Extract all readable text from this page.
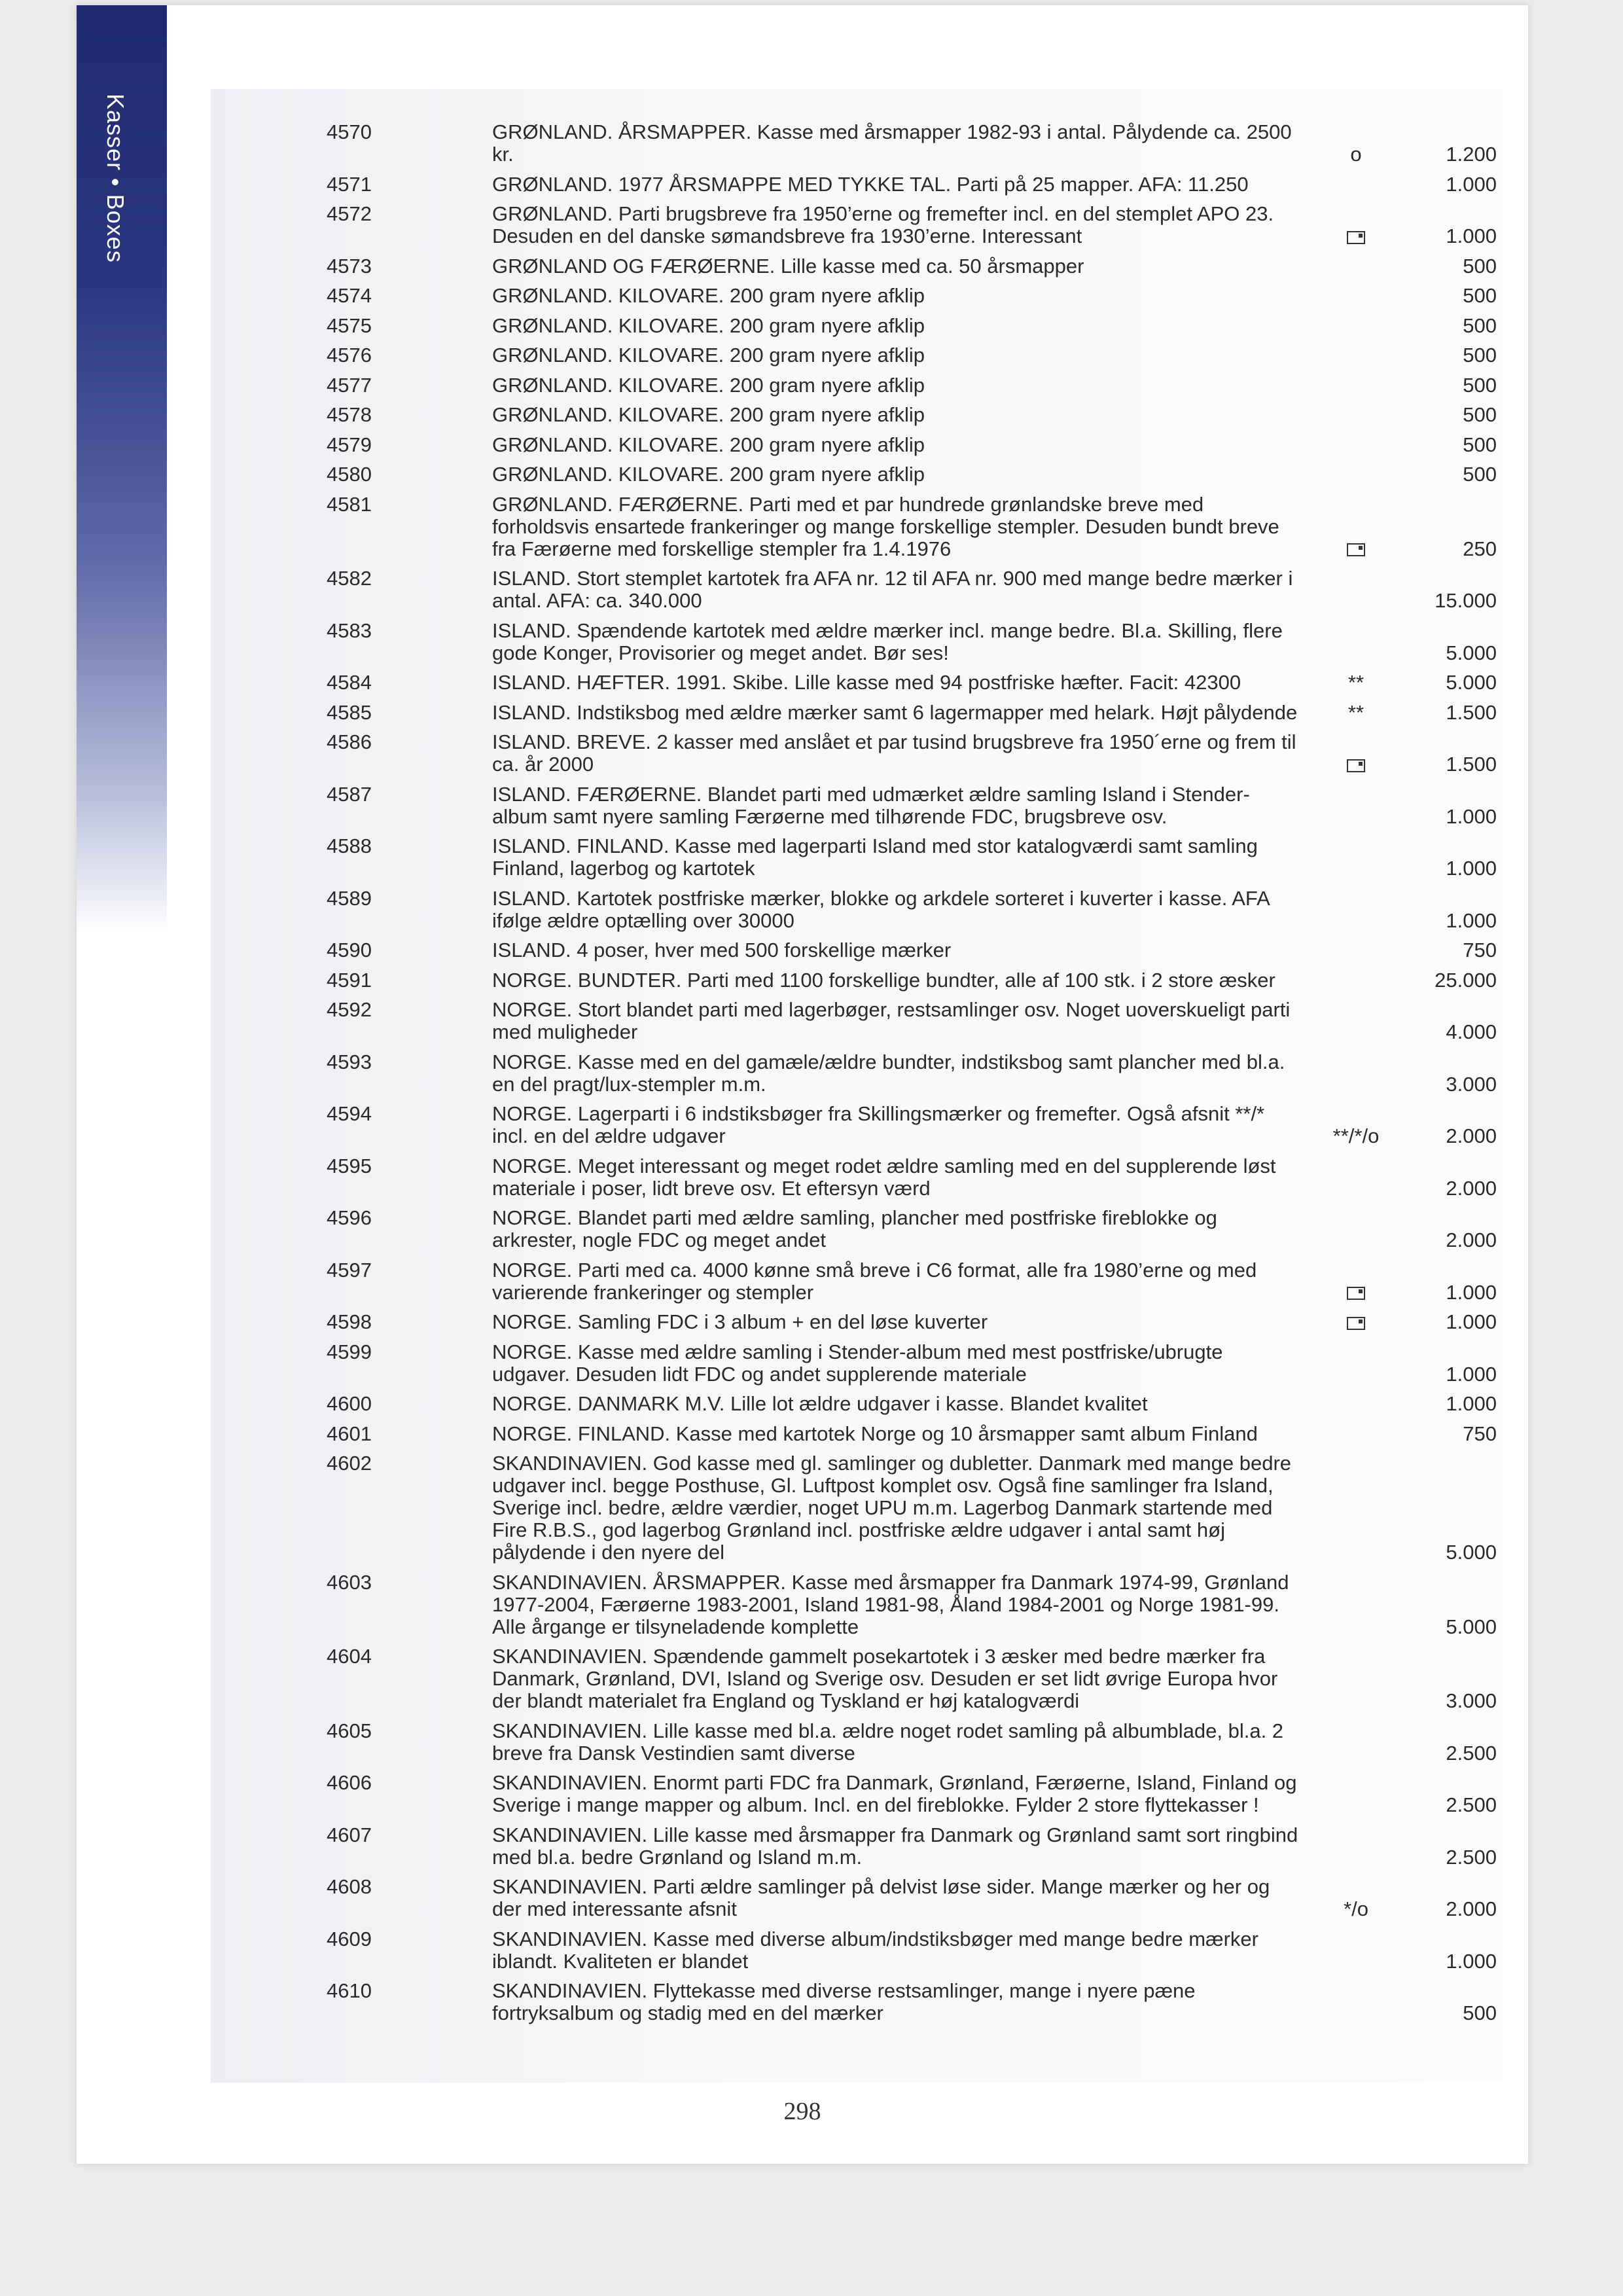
Kasser • Boxes	4570	GRØNLAND. ÅRSMAPPER. Kasse med årsmapper 1982-93 i antal. Pålydende ca. 2500 kr.	o	1.200
4571	GRØNLAND. 1977 ÅRSMAPPE MED TYKKE TAL. Parti på 25 mapper. AFA: 11.250	1.000
4572	GRØNLAND. Parti brugsbreve fra 1950’erne og fremefter incl. en del stemplet APO 23. Desuden en del danske sømandsbreve fra 1930’erne. Interessant	1.000
4573	GRØNLAND OG FÆRØERNE. Lille kasse med ca. 50 årsmapper	500
4574	GRØNLAND. KILOVARE. 200 gram nyere afklip	500
4575	GRØNLAND. KILOVARE. 200 gram nyere afklip	500
4576	GRØNLAND. KILOVARE. 200 gram nyere afklip	500
4577	GRØNLAND. KILOVARE. 200 gram nyere afklip	500
4578	GRØNLAND. KILOVARE. 200 gram nyere afklip	500
4579	GRØNLAND. KILOVARE. 200 gram nyere afklip	500
4580	GRØNLAND. KILOVARE. 200 gram nyere afklip	500
4581	GRØNLAND. FÆRØERNE. Parti med et par hundrede grønlandske breve med forholdsvis ensartede frankeringer og mange forskellige stempler. Desuden bundt breve fra Færøerne med forskellige stempler fra 1.4.1976	250
4582	ISLAND. Stort stemplet kartotek fra AFA nr. 12 til AFA nr. 900 med mange bedre mærker i antal. AFA: ca. 340.000	15.000
4583	ISLAND. Spændende kartotek med ældre mærker incl. mange bedre. Bl.a. Skilling, flere gode Konger, Provisorier og meget andet. Bør ses!	5.000
4584	ISLAND. HÆFTER. 1991. Skibe. Lille kasse med 94 postfriske hæfter. Facit: 42300	**	5.000
4585	ISLAND. Indstiksbog med ældre mærker samt 6 lagermapper med helark. Højt pålydende	**	1.500
4586	ISLAND. BREVE. 2 kasser med anslået et par tusind brugsbreve fra 1950´erne og frem til ca. år 2000	1.500
4587	ISLAND. FÆRØERNE. Blandet parti med udmærket ældre samling Island i Stender-album samt nyere samling Færøerne med tilhørende FDC, brugsbreve osv.	1.000
4588	ISLAND. FINLAND. Kasse med lagerparti Island med stor katalogværdi samt samling Finland, lagerbog og kartotek	1.000
4589	ISLAND. Kartotek postfriske mærker, blokke og arkdele sorteret i kuverter i kasse. AFA ifølge ældre optælling over 30000	1.000
4590	ISLAND. 4 poser, hver med 500 forskellige mærker	750
4591	NORGE. BUNDTER. Parti med 1100 forskellige bundter, alle af 100 stk. i 2 store æsker	25.000
4592	NORGE. Stort blandet parti med lagerbøger, restsamlinger osv. Noget uoverskueligt parti med muligheder	4.000
4593	NORGE. Kasse med en del gamæle/ældre bundter, indstiksbog samt plancher med bl.a. en del pragt/lux-stempler m.m.	3.000
4594	NORGE. Lagerparti i 6 indstiksbøger fra Skillingsmærker og fremefter. Også afsnit **/* incl. en del ældre udgaver	**/*/o	2.000
4595	NORGE. Meget interessant og meget rodet ældre samling med en del supplerende løst materiale i poser, lidt breve osv. Et eftersyn værd	2.000
4596	NORGE. Blandet parti med ældre samling, plancher med postfriske fireblokke og arkrester, nogle FDC og meget andet	2.000
4597	NORGE. Parti med ca. 4000 kønne små breve i C6 format, alle fra 1980’erne og med varierende frankeringer og stempler	1.000
4598	NORGE. Samling FDC i 3 album + en del løse kuverter	1.000
4599	NORGE. Kasse med ældre samling i Stender-album med mest postfriske/ubrugte udgaver. Desuden lidt FDC og andet supplerende materiale	1.000
4600	NORGE. DANMARK M.V. Lille lot ældre udgaver i kasse. Blandet kvalitet	1.000
4601	NORGE. FINLAND. Kasse med kartotek Norge og 10 årsmapper samt album Finland	750
4602	SKANDINAVIEN. God kasse med gl. samlinger og dubletter. Danmark med mange bedre udgaver incl. begge Posthuse, Gl. Luftpost komplet osv. Også fine samlinger fra Island, Sverige incl. bedre, ældre værdier, noget UPU m.m. Lagerbog Danmark startende med Fire R.B.S., god lagerbog Grønland incl. postfriske ældre udgaver i antal samt høj pålydende i den nyere del	5.000
4603	SKANDINAVIEN. ÅRSMAPPER. Kasse med årsmapper fra Danmark 1974-99, Grønland 1977-2004, Færøerne 1983-2001, Island 1981-98, Åland 1984-2001 og Norge 1981-99. Alle årgange er tilsyneladende komplette	5.000
4604	SKANDINAVIEN. Spændende gammelt posekartotek i 3 æsker med bedre mærker fra Danmark, Grønland, DVI, Island og Sverige osv. Desuden er set lidt øvrige Europa hvor der blandt materialet fra England og Tyskland er høj katalogværdi	3.000
4605	SKANDINAVIEN. Lille kasse med bl.a. ældre noget rodet samling på albumblade, bl.a. 2 breve fra Dansk Vestindien samt diverse	2.500
4606	SKANDINAVIEN. Enormt parti FDC fra Danmark, Grønland, Færøerne, Island, Finland og Sverige i mange mapper og album. Incl. en del fireblokke. Fylder 2 store flyttekasser !	2.500
4607	SKANDINAVIEN. Lille kasse med årsmapper fra Danmark og Grønland samt sort ringbind med bl.a. bedre Grønland og Island m.m.	2.500
4608	SKANDINAVIEN. Parti ældre samlinger på delvist løse sider. Mange mærker og her og der med interessante afsnit	*/o	2.000
4609	SKANDINAVIEN. Kasse med diverse album/indstiksbøger med mange bedre mærker iblandt. Kvaliteten er blandet	1.000
4610	SKANDINAVIEN. Flyttekasse med diverse restsamlinger, mange i nyere pæne fortryksalbum og stadig med en del mærker	500
298
